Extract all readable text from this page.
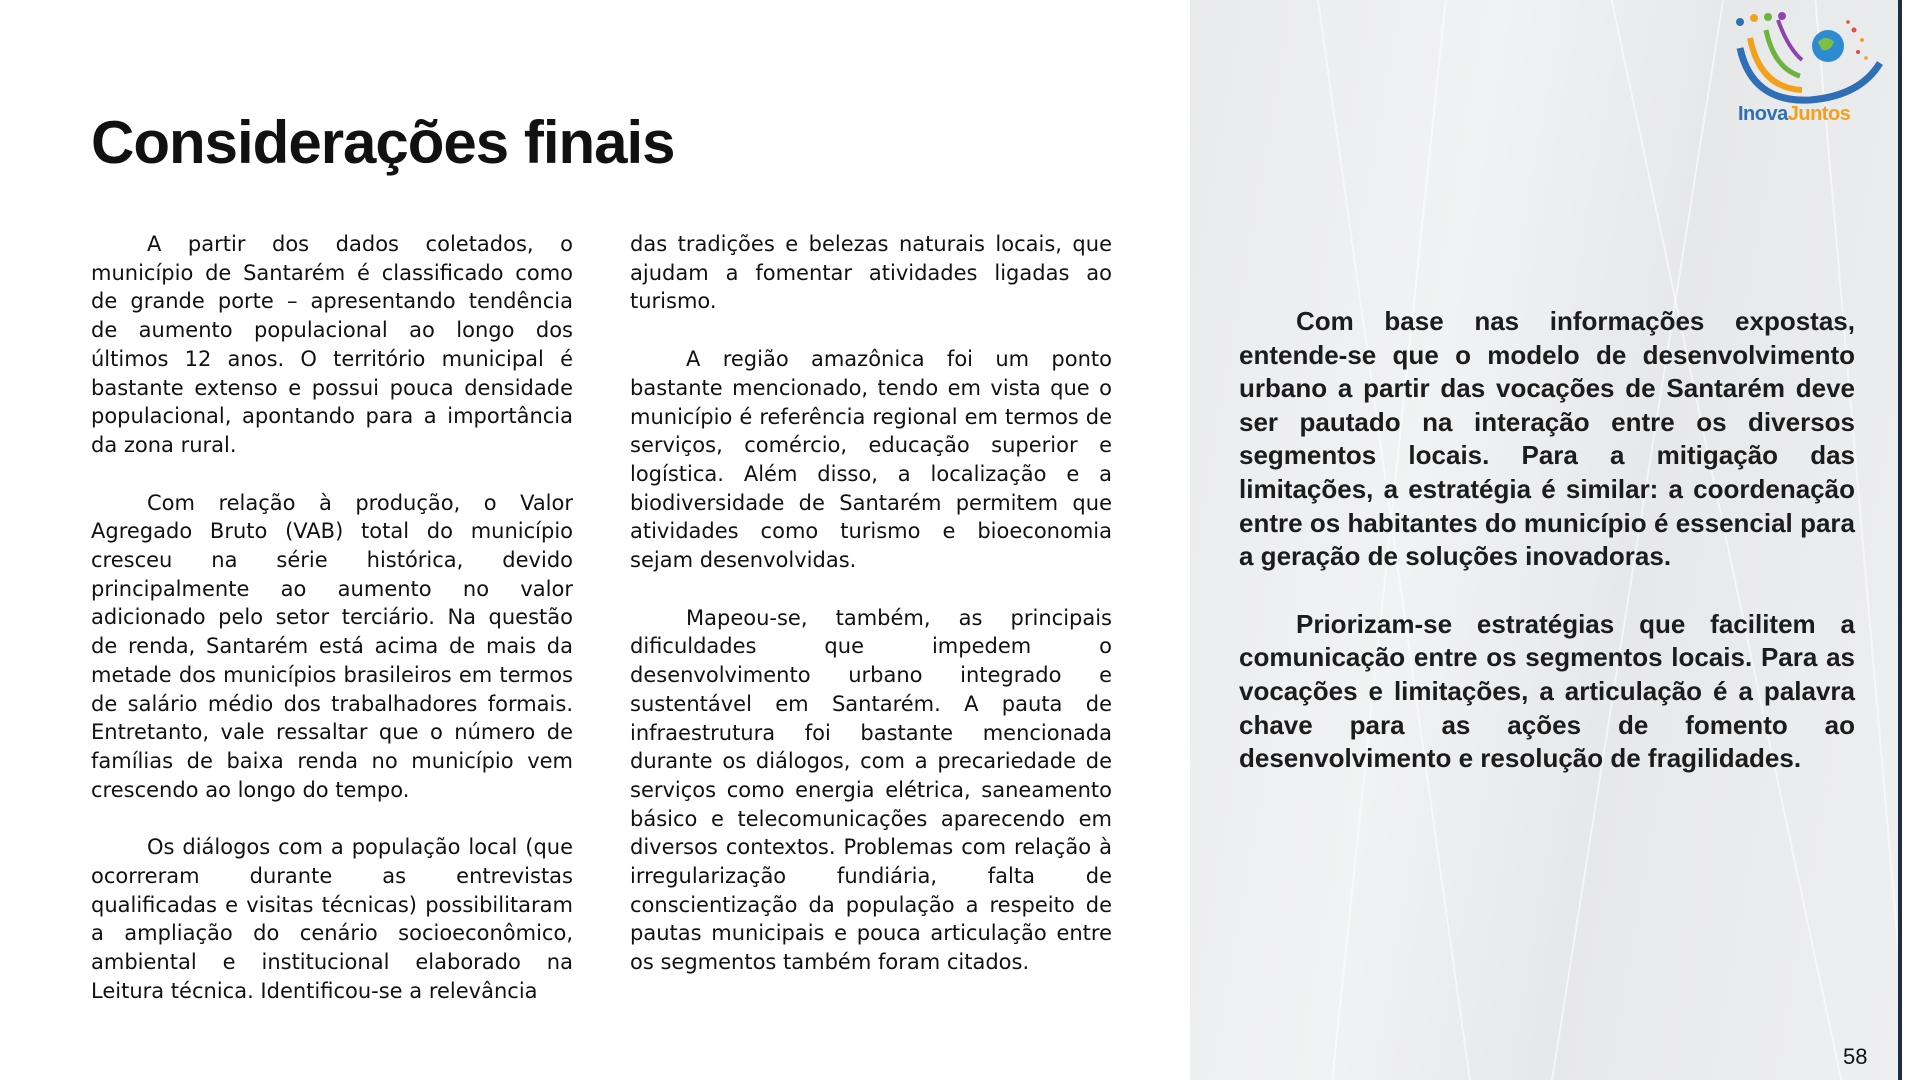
Considerações finais

A partir dos dados coletados, o município de Santarém é classificado como de grande porte – apresentando tendência de aumento populacional ao longo dos últimos 12 anos. O território municipal é bastante extenso e possui pouca densidade populacional, apontando para a importância da zona rural.

Com relação à produção, o Valor Agregado Bruto (VAB) total do município cresceu na série histórica, devido principalmente ao aumento no valor adicionado pelo setor terciário. Na questão de renda, Santarém está acima de mais da metade dos municípios brasileiros em termos de salário médio dos trabalhadores formais. Entretanto, vale ressaltar que o número de famílias de baixa renda no município vem crescendo ao longo do tempo.

Os diálogos com a população local (que ocorreram durante as entrevistas qualificadas e visitas técnicas) possibilitaram a ampliação do cenário socioeconômico, ambiental e institucional elaborado na Leitura técnica. Identificou-se a relevância

das tradições e belezas naturais locais, que ajudam a fomentar atividades ligadas ao turismo.

A região amazônica foi um ponto bastante mencionado, tendo em vista que o município é referência regional em termos de serviços, comércio, educação superior e logística. Além disso, a localização e a biodiversidade de Santarém permitem que atividades como turismo e bioeconomia sejam desenvolvidas.

Mapeou-se, também, as principais dificuldades que impedem o desenvolvimento urbano integrado e sustentável em Santarém. A pauta de infraestrutura foi bastante mencionada durante os diálogos, com a precariedade de serviços como energia elétrica, saneamento básico e telecomunicações aparecendo em diversos contextos. Problemas com relação à irregularização fundiária, falta de conscientização da população a respeito de pautas municipais e pouca articulação entre os segmentos também foram citados.

Com base nas informações expostas, entende-se que o modelo de desenvolvimento urbano a partir das vocações de Santarém deve ser pautado na interação entre os diversos segmentos locais. Para a mitigação das limitações, a estratégia é similar: a coordenação entre os habitantes do município é essencial para a geração de soluções inovadoras.

Priorizam-se estratégias que facilitem a comunicação entre os segmentos locais. Para as vocações e limitações, a articulação é a palavra chave para as ações de fomento ao desenvolvimento e resolução de fragilidades.

InovaJuntos
58
